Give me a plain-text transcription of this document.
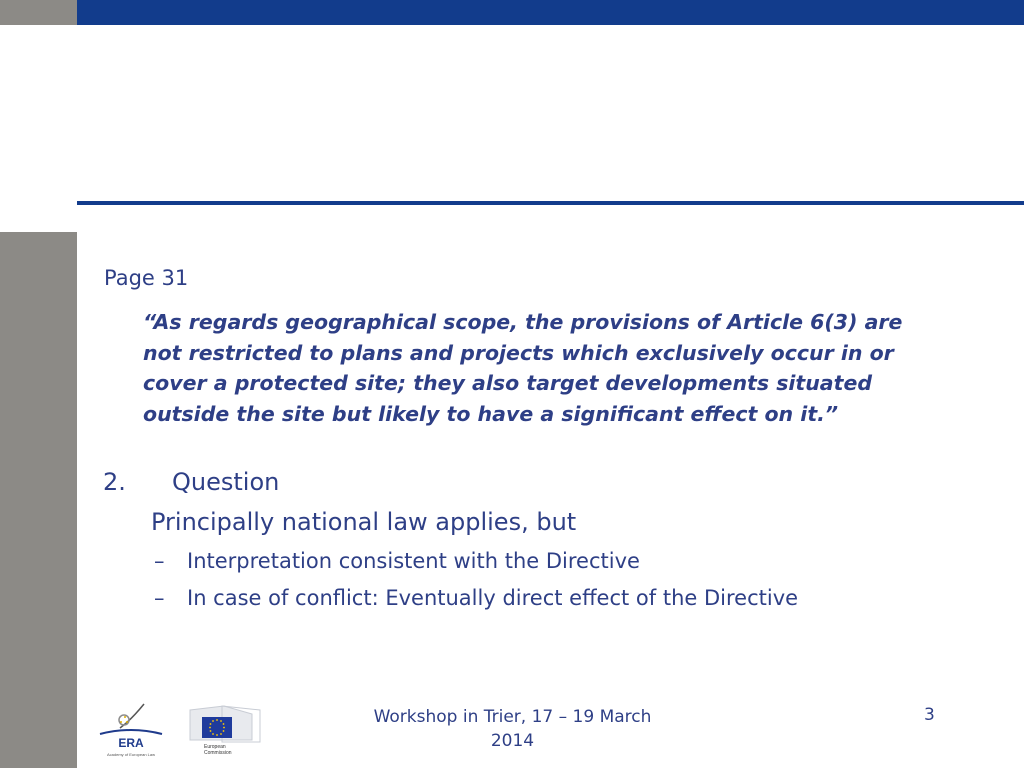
Page 31
“As regards geographical scope, the provisions of Article 6(3) are not restricted to plans and projects which exclusively occur in or cover a protected site; they also target developments situated outside the site but likely to have a significant effect on it.”
2. Question
Principally national law applies, but
– Interpretation consistent with the Directive
– In case of conflict: Eventually direct effect of the Directive
ERA
Academy of European Law
European
Commission
Workshop in Trier, 17 – 19 March
2014
3
